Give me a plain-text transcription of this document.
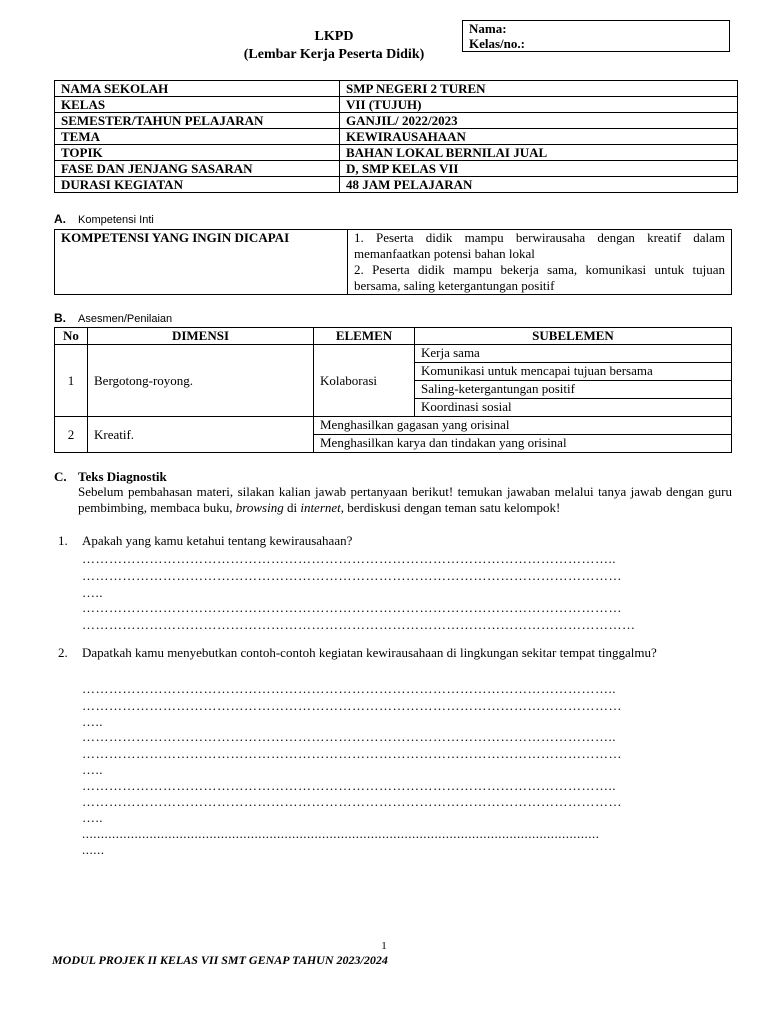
LKPD
(Lembar Kerja Peserta Didik)
Nama:
Kelas/no.:
NAMA SEKOLAH	SMP NEGERI 2 TUREN
KELAS	VII (TUJUH)
SEMESTER/TAHUN PELAJARAN	GANJIL/ 2022/2023
TEMA	KEWIRAUSAHAAN
TOPIK	BAHAN LOKAL BERNILAI JUAL
FASE DAN JENJANG SASARAN	D, SMP KELAS VII
DURASI KEGIATAN	48 JAM PELAJARAN
A. Kompetensi Inti
KOMPETENSI YANG INGIN DICAPAI	1. Peserta didik mampu berwirausaha dengan kreatif dalam memanfaatkan potensi bahan lokal
2. Peserta didik mampu bekerja sama, komunikasi untuk tujuan bersama, saling ketergantungan positif
B. Asesmen/Penilaian
No	DIMENSI	ELEMEN	SUBELEMEN
1	Bergotong-royong.	Kolaborasi	Kerja sama
			Komunikasi untuk mencapai tujuan bersama
			Saling-ketergantungan positif
			Koordinasi sosial
2	Kreatif.	Menghasilkan gagasan yang orisinal	
		Menghasilkan karya dan tindakan yang orisinal	
C. Teks Diagnostik
Sebelum pembahasan materi, silakan kalian jawab pertanyaan berikut! temukan jawaban melalui tanya jawab dengan guru pembimbing, membaca buku, browsing di internet, berdiskusi dengan teman satu kelompok!
1. Apakah yang kamu ketahui tentang kewirausahaan?
………………………………………………………………………………………………………..
…………………………………………………………………………………………………………
…..
…………………………………………………………………………………………………………
……………………………………………………………………………………………………………
2. Dapatkah kamu menyebutkan contoh-contoh kegiatan kewirausahaan di lingkungan sekitar tempat tinggalmu?
………………………………………………………………………………………………………..
…………………………………………………………………………………………………………
…..
………………………………………………………………………………………………………..
…………………………………………………………………………………………………………
…..
………………………………………………………………………………………………………..
…………………………………………………………………………………………………………
…..
..........................................................................................................................................
......
1
MODUL PROJEK II KELAS VII SMT GENAP TAHUN 2023/2024
